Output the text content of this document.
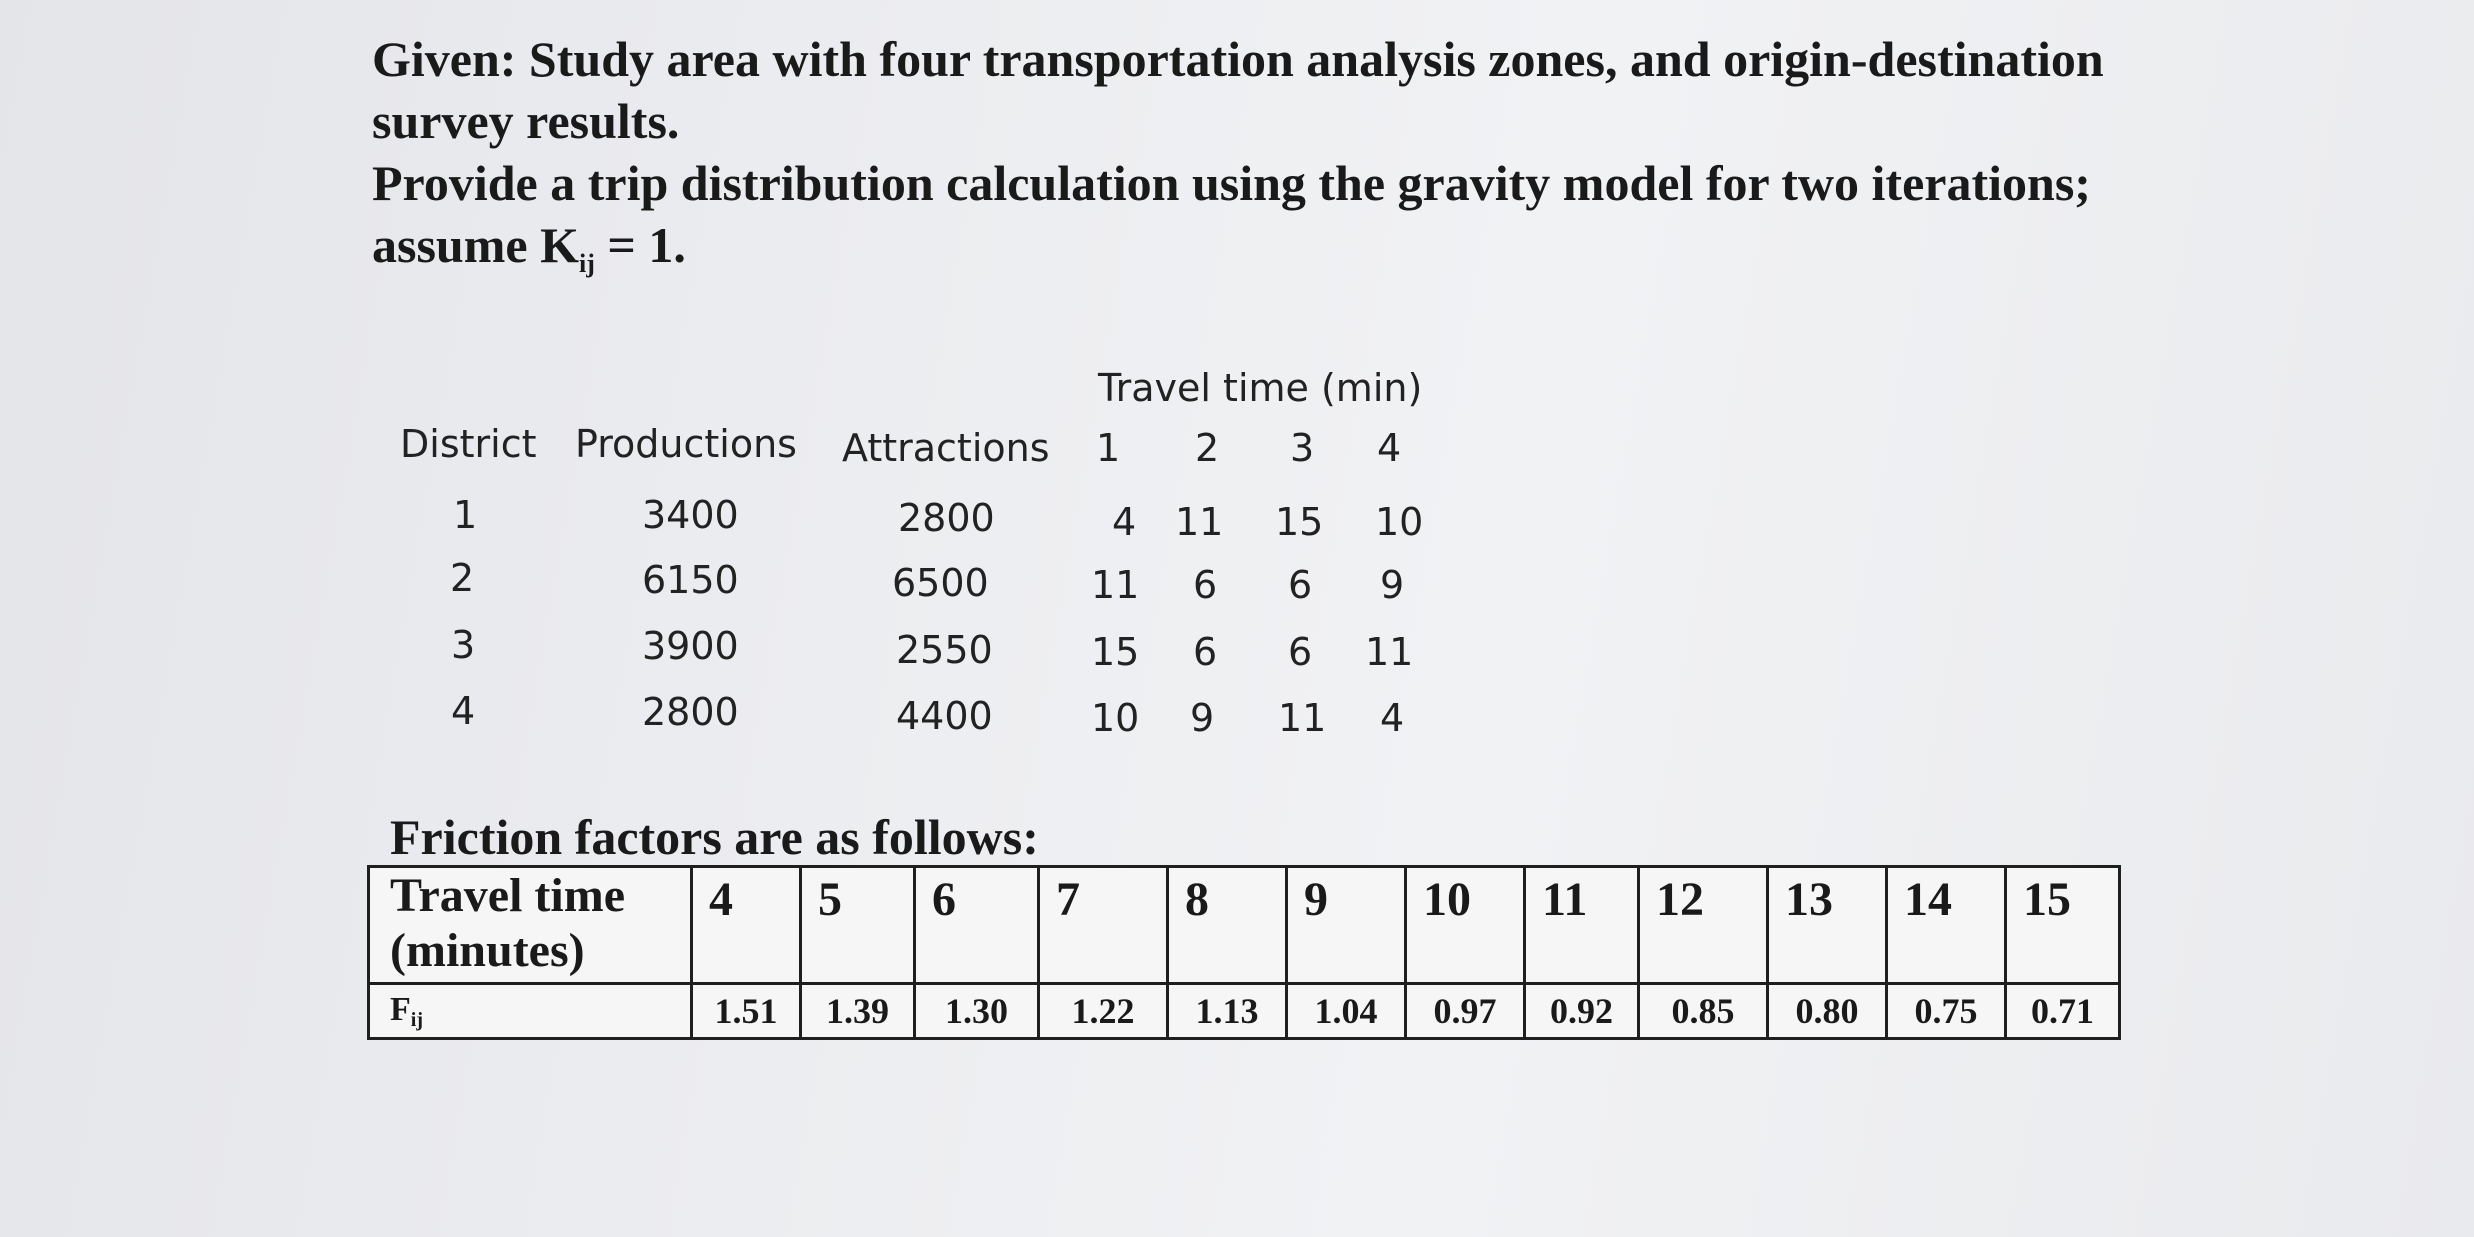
Given: Study area with four transportation analysis zones, and origin-destination

survey results.

Provide a trip distribution calculation using the gravity model for two iterations;

assume $K_{ij} = 1$.

Travel time (min)
District Productions Attractions 1 2 3 4
1	3400	2800	4 11 15 10
2	6150	6500	11 6 6 9
3	3900	2550	15 6 6 11
4	2800	4400	10 9 11 4
Friction factors are as follows:
Travel time
(minutes)	4	5	6	7	8	9	10	11	12	13	14	15
Fij	1.51	1.39	1.30	1.22	1.13	1.04	0.97	0.92	0.85	0.80	0.75	0.71
